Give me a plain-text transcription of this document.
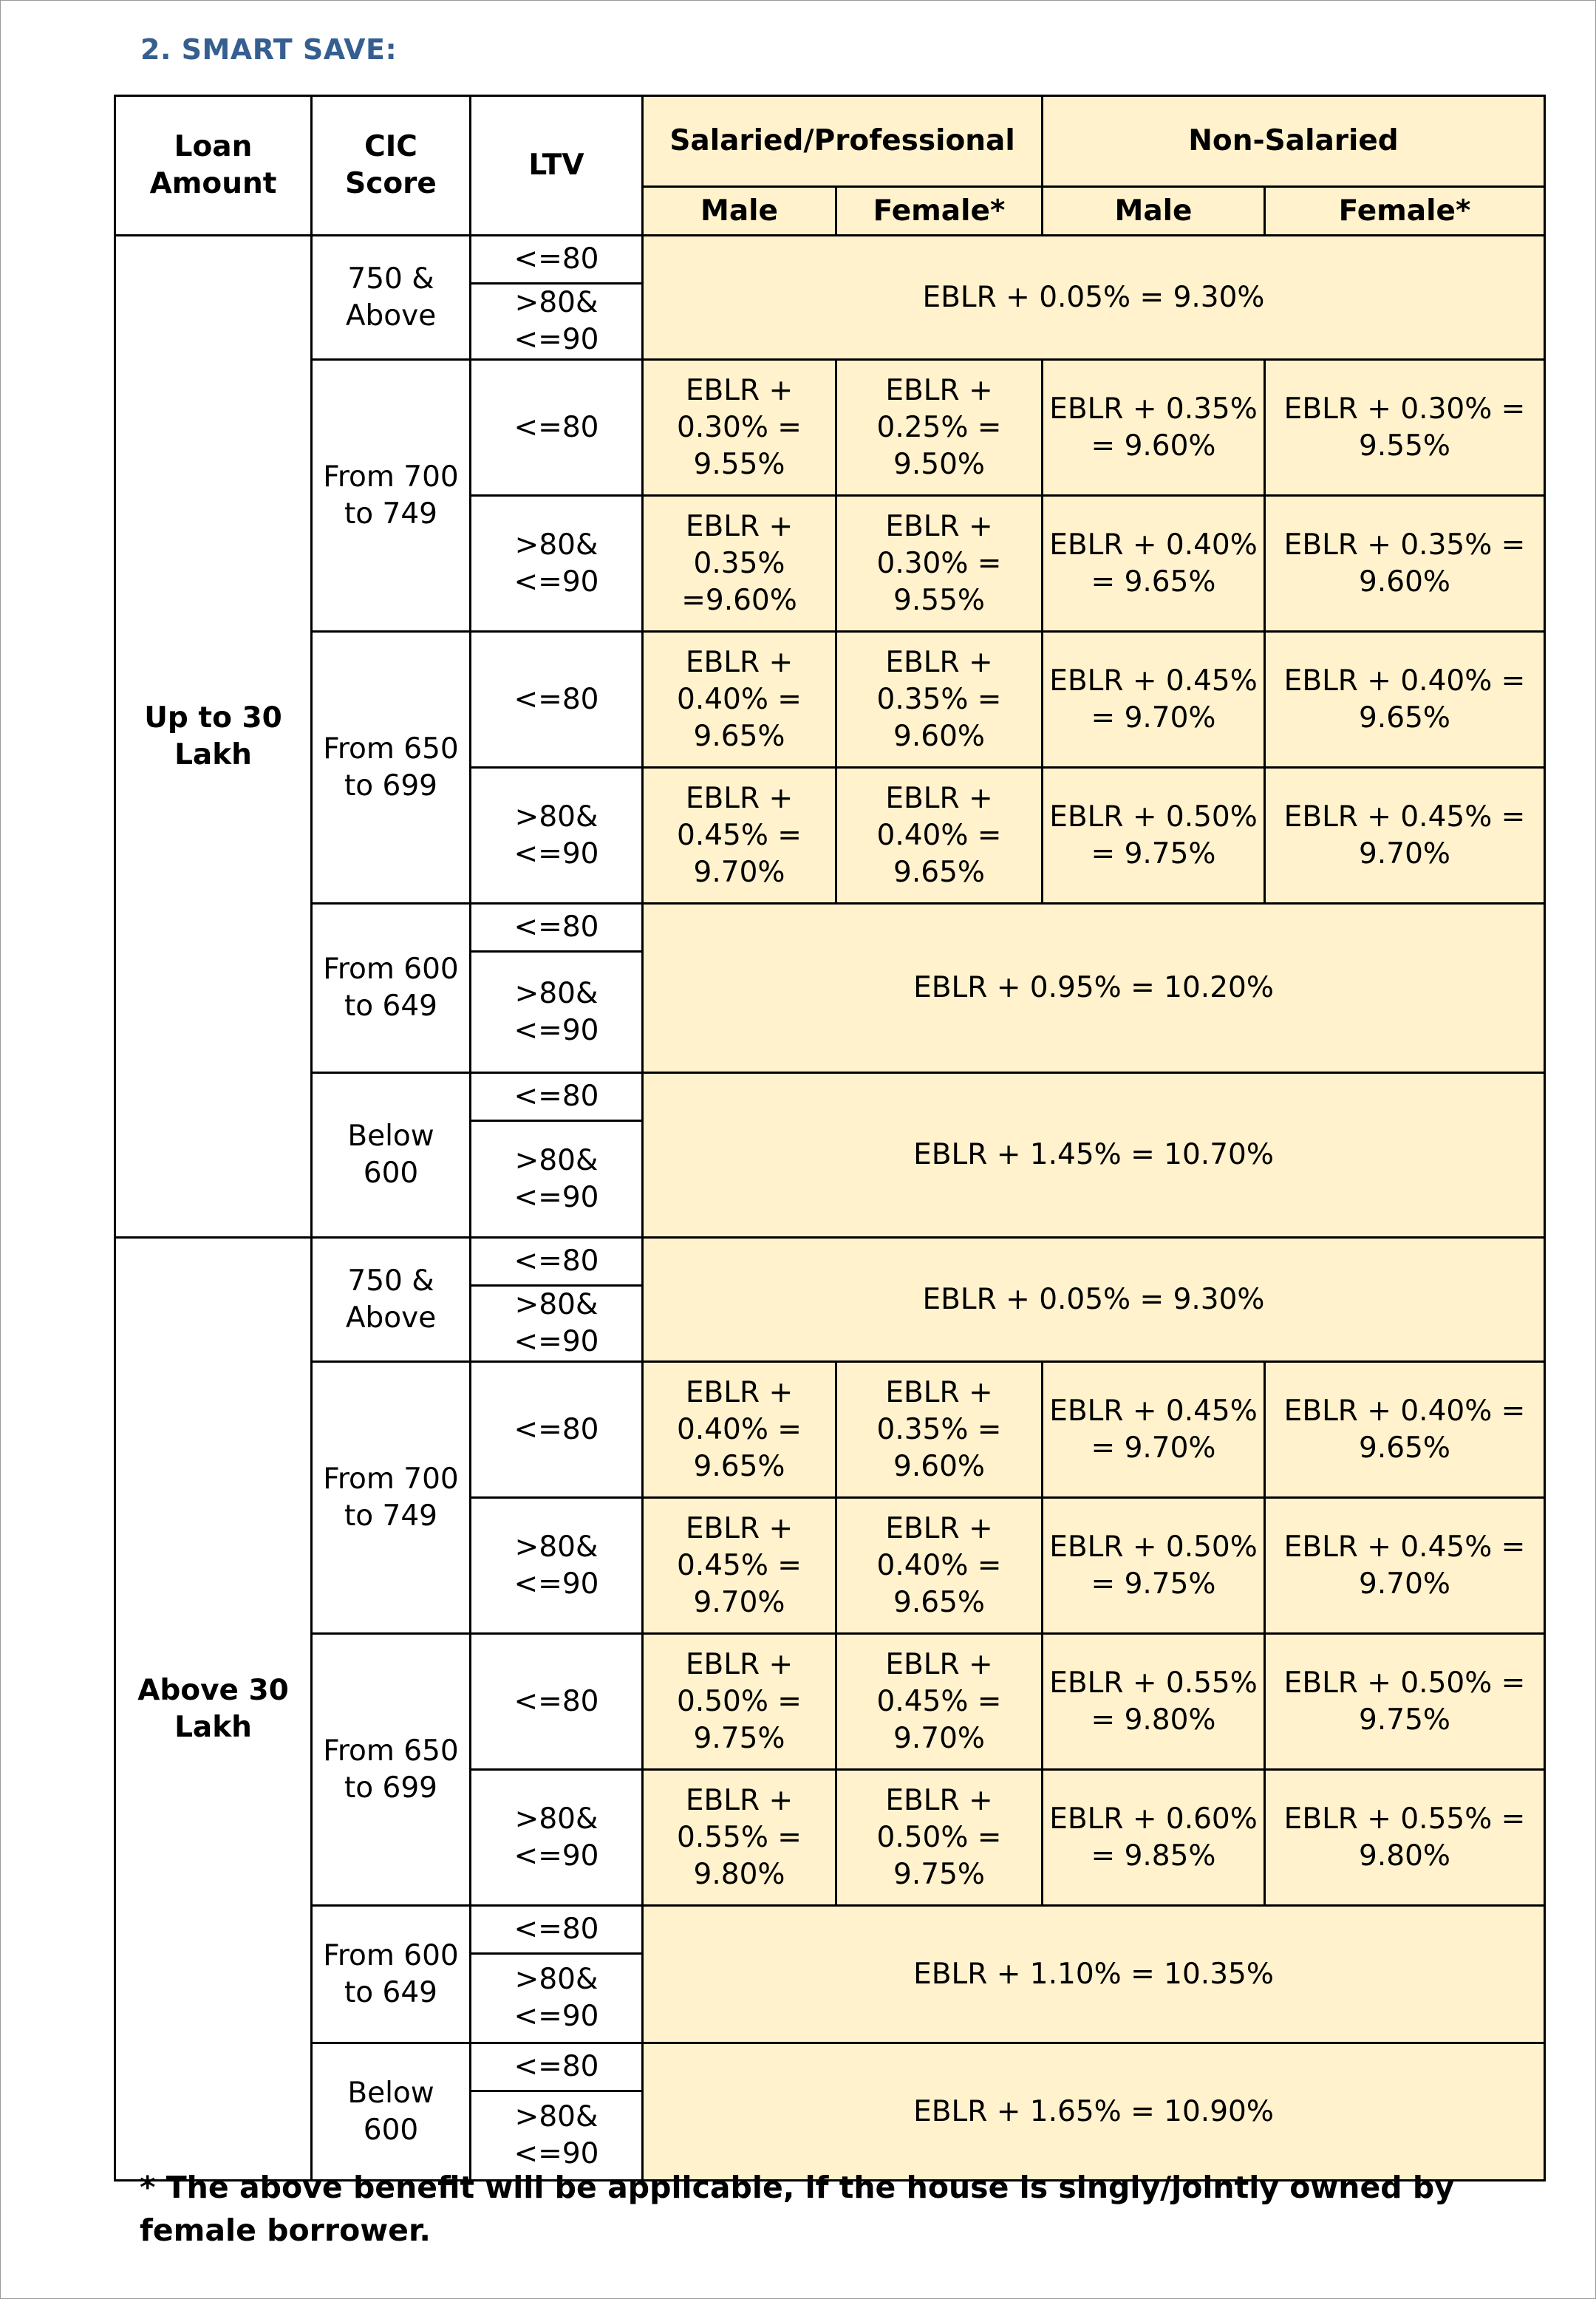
2. SMART SAVE:
Loan Amount	CIC Score	LTV	Salaried/Professional		Non-Salaried	
			Male	Female*	Male	Female*
Up to 30 Lakh	750 & Above	<=80	EBLR + 0.05% = 9.30%			
		>80&<=90				
	From 700 to 749	<=80	EBLR + 0.30% = 9.55%	EBLR + 0.25% = 9.50%	EBLR + 0.35% = 9.60%	EBLR + 0.30% = 9.55%
		>80&<=90	EBLR + 0.35% =9.60%	EBLR + 0.30% = 9.55%	EBLR + 0.40% = 9.65%	EBLR + 0.35% = 9.60%
	From 650 to 699	<=80	EBLR + 0.40% = 9.65%	EBLR + 0.35% = 9.60%	EBLR + 0.45% = 9.70%	EBLR + 0.40% = 9.65%
		>80&<=90	EBLR + 0.45% = 9.70%	EBLR + 0.40% = 9.65%	EBLR + 0.50% = 9.75%	EBLR + 0.45% = 9.70%
	From 600 to 649	<=80	EBLR + 0.95% = 10.20%			
		>80&<=90				
	Below 600	<=80	EBLR + 1.45% = 10.70%			
		>80&<=90				
Above 30 Lakh	750 & Above	<=80	EBLR + 0.05% = 9.30%			
		>80&<=90				
	From 700 to 749	<=80	EBLR + 0.40% = 9.65%	EBLR + 0.35% = 9.60%	EBLR + 0.45% = 9.70%	EBLR + 0.40% = 9.65%
		>80&<=90	EBLR + 0.45% = 9.70%	EBLR + 0.40% = 9.65%	EBLR + 0.50% = 9.75%	EBLR + 0.45% = 9.70%
	From 650 to 699	<=80	EBLR + 0.50% = 9.75%	EBLR + 0.45% = 9.70%	EBLR + 0.55% = 9.80%	EBLR + 0.50% = 9.75%
		>80&<=90	EBLR + 0.55% = 9.80%	EBLR + 0.50% = 9.75%	EBLR + 0.60% = 9.85%	EBLR + 0.55% = 9.80%
	From 600 to 649	<=80	EBLR + 1.10% = 10.35%			
		>80&<=90				
	Below 600	<=80	EBLR + 1.65% = 10.90%			
		>80&<=90				
* The above benefit will be applicable, if the house is singly/jointly owned by female borrower.
